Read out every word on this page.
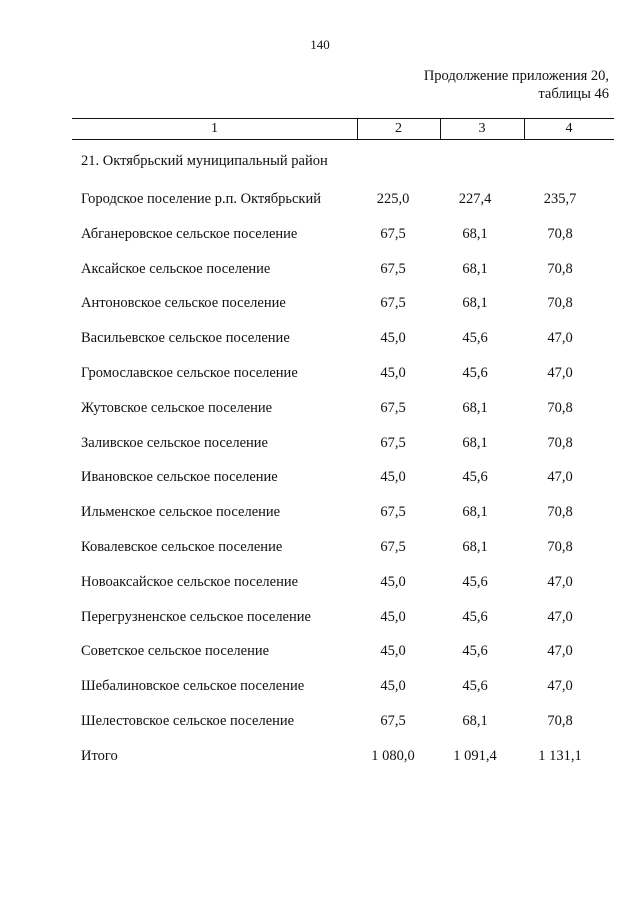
140
Продолжение приложения 20,
таблицы 46
1	2	3	4
21. Октябрьский муниципальный район
Городское поселение р.п. Октябрьский	225,0	227,4	235,7
Абганеровское сельское поселение	67,5	68,1	70,8
Аксайское сельское поселение	67,5	68,1	70,8
Антоновское сельское поселение	67,5	68,1	70,8
Васильевское сельское поселение	45,0	45,6	47,0
Громославское сельское поселение	45,0	45,6	47,0
Жутовское сельское поселение	67,5	68,1	70,8
Заливское сельское поселение	67,5	68,1	70,8
Ивановское сельское поселение	45,0	45,6	47,0
Ильменское сельское поселение	67,5	68,1	70,8
Ковалевское сельское поселение	67,5	68,1	70,8
Новоаксайское сельское поселение	45,0	45,6	47,0
Перегрузненское сельское поселение	45,0	45,6	47,0
Советское сельское поселение	45,0	45,6	47,0
Шебалиновское сельское поселение	45,0	45,6	47,0
Шелестовское сельское поселение	67,5	68,1	70,8
Итого	1 080,0	1 091,4	1 131,1
